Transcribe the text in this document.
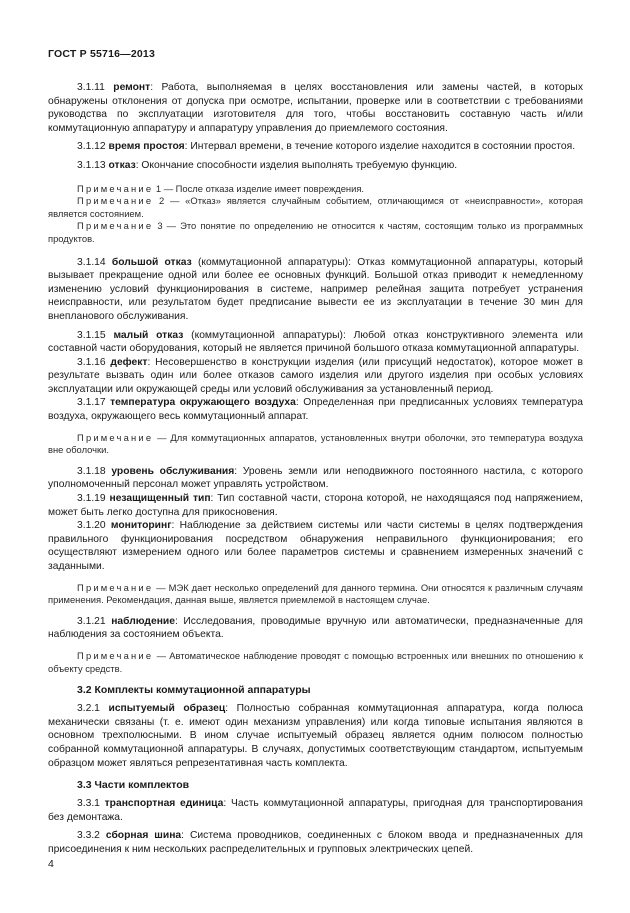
ГОСТ Р 55716—2013

3.1.11 ремонт: Работа, выполняемая в целях восстановления или замены частей, в которых обнаружены отклонения от допуска при осмотре, испытании, проверке или в соответствии с требованиями руководства по эксплуатации изготовителя для того, чтобы восстановить составную часть и/или коммутационную аппаратуру и аппаратуру управления до приемлемого состояния.

3.1.12 время простоя: Интервал времени, в течение которого изделие находится в состоянии простоя.

3.1.13 отказ: Окончание способности изделия выполнять требуемую функцию.

Примечание 1 — После отказа изделие имеет повреждения.

Примечание 2 — «Отказ» является случайным событием, отличающимся от «неисправности», которая является состоянием.

Примечание 3 — Это понятие по определению не относится к частям, состоящим только из программных продуктов.

3.1.14 большой отказ (коммутационной аппаратуры): Отказ коммутационной аппаратуры, который вызывает прекращение одной или более ее основных функций. Большой отказ приводит к немедленному изменению условий функционирования в системе, например релейная защита потребует устранения неисправности, или результатом будет предписание вывести ее из эксплуатации в течение 30 мин для внепланового обслуживания.

3.1.15 малый отказ (коммутационной аппаратуры): Любой отказ конструктивного элемента или составной части оборудования, который не является причиной большого отказа коммутационной аппаратуры.

3.1.16 дефект: Несовершенство в конструкции изделия (или присущий недостаток), которое может в результате вызвать один или более отказов самого изделия или другого изделия при особых условиях эксплуатации или окружающей среды или условий обслуживания за установленный период.

3.1.17 температура окружающего воздуха: Определенная при предписанных условиях температура воздуха, окружающего весь коммутационный аппарат.

Примечание — Для коммутационных аппаратов, установленных внутри оболочки, это температура воздуха вне оболочки.

3.1.18 уровень обслуживания: Уровень земли или неподвижного постоянного настила, с которого уполномоченный персонал может управлять устройством.

3.1.19 незащищенный тип: Тип составной части, сторона которой, не находящаяся под напряжением, может быть легко доступна для прикосновения.

3.1.20 мониторинг: Наблюдение за действием системы или части системы в целях подтверждения правильного функционирования посредством обнаружения неправильного функционирования; его осуществляют измерением одного или более параметров системы и сравнением измеренных значений с заданными.

Примечание — МЭК дает несколько определений для данного термина. Они относятся к различным случаям применения. Рекомендация, данная выше, является приемлемой в настоящем случае.

3.1.21 наблюдение: Исследования, проводимые вручную или автоматически, предназначенные для наблюдения за состоянием объекта.

Примечание — Автоматическое наблюдение проводят с помощью встроенных или внешних по отношению к объекту средств.

3.2 Комплекты коммутационной аппаратуры

3.2.1 испытуемый образец: Полностью собранная коммутационная аппаратура, когда полюса механически связаны (т. е. имеют один механизм управления) или когда типовые испытания являются в основном трехполюсными. В ином случае испытуемый образец является одним полюсом полностью собранной коммутационной аппаратуры. В случаях, допустимых соответствующим стандартом, испытуемым образцом может являться репрезентативная часть комплекта.

3.3 Части комплектов

3.3.1 транспортная единица: Часть коммутационной аппаратуры, пригодная для транспортирования без демонтажа.

3.3.2 сборная шина: Система проводников, соединенных с блоком ввода и предназначенных для присоединения к ним нескольких распределительных и групповых электрических цепей.

4
